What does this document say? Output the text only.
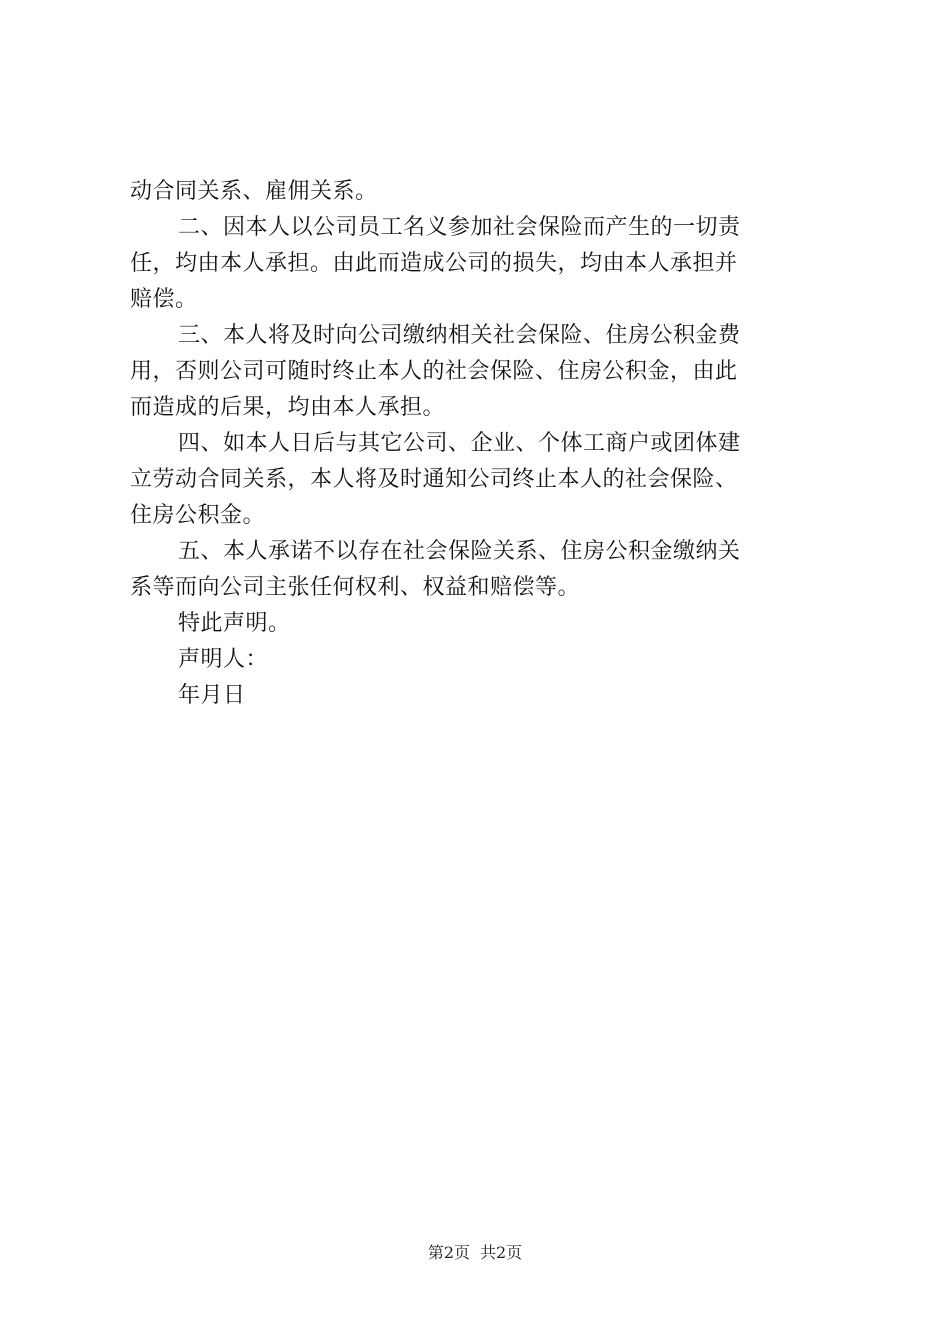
动合同关系、雇佣关系。
二、因本人以公司员工名义参加社会保险而产生的一切责
任，均由本人承担。由此而造成公司的损失，均由本人承担并
赔偿。
三、本人将及时向公司缴纳相关社会保险、住房公积金费
用，否则公司可随时终止本人的社会保险、住房公积金，由此
而造成的后果，均由本人承担。
四、如本人日后与其它公司、企业、个体工商户或团体建
立劳动合同关系，本人将及时通知公司终止本人的社会保险、
住房公积金。
五、本人承诺不以存在社会保险关系、住房公积金缴纳关
系等而向公司主张任何权利、权益和赔偿等。
特此声明。
声明人：
年月日
第2页 共2页
